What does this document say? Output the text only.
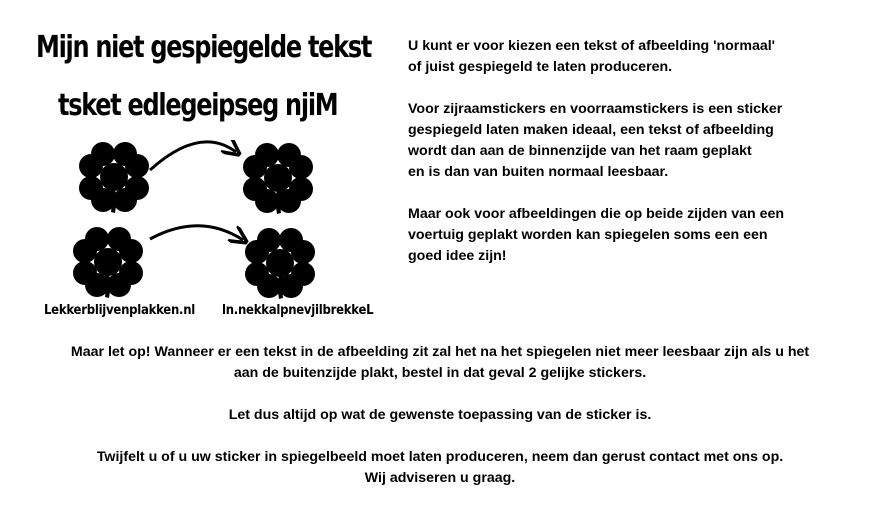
Mijn niet gespiegelde tekst
tsket edlegeipseg njiM
Lekkerblijvenplakken.nl ln.nekkalpnevjilbrekkeL

U kunt er voor kiezen een tekst of afbeelding 'normaal'
of juist gespiegeld te laten produceren.

Voor zijraamstickers en voorraamstickers is een sticker
gespiegeld laten maken ideaal, een tekst of afbeelding
wordt dan aan de binnenzijde van het raam geplakt
en is dan van buiten normaal leesbaar.

Maar ook voor afbeeldingen die op beide zijden van een
voertuig geplakt worden kan spiegelen soms een een
goed idee zijn!

Maar let op! Wanneer er een tekst in de afbeelding zit zal het na het spiegelen niet meer leesbaar zijn als u het
aan de buitenzijde plakt, bestel in dat geval 2 gelijke stickers.

Let dus altijd op wat de gewenste toepassing van de sticker is.

Twijfelt u of u uw sticker in spiegelbeeld moet laten produceren, neem dan gerust contact met ons op.
Wij adviseren u graag.
